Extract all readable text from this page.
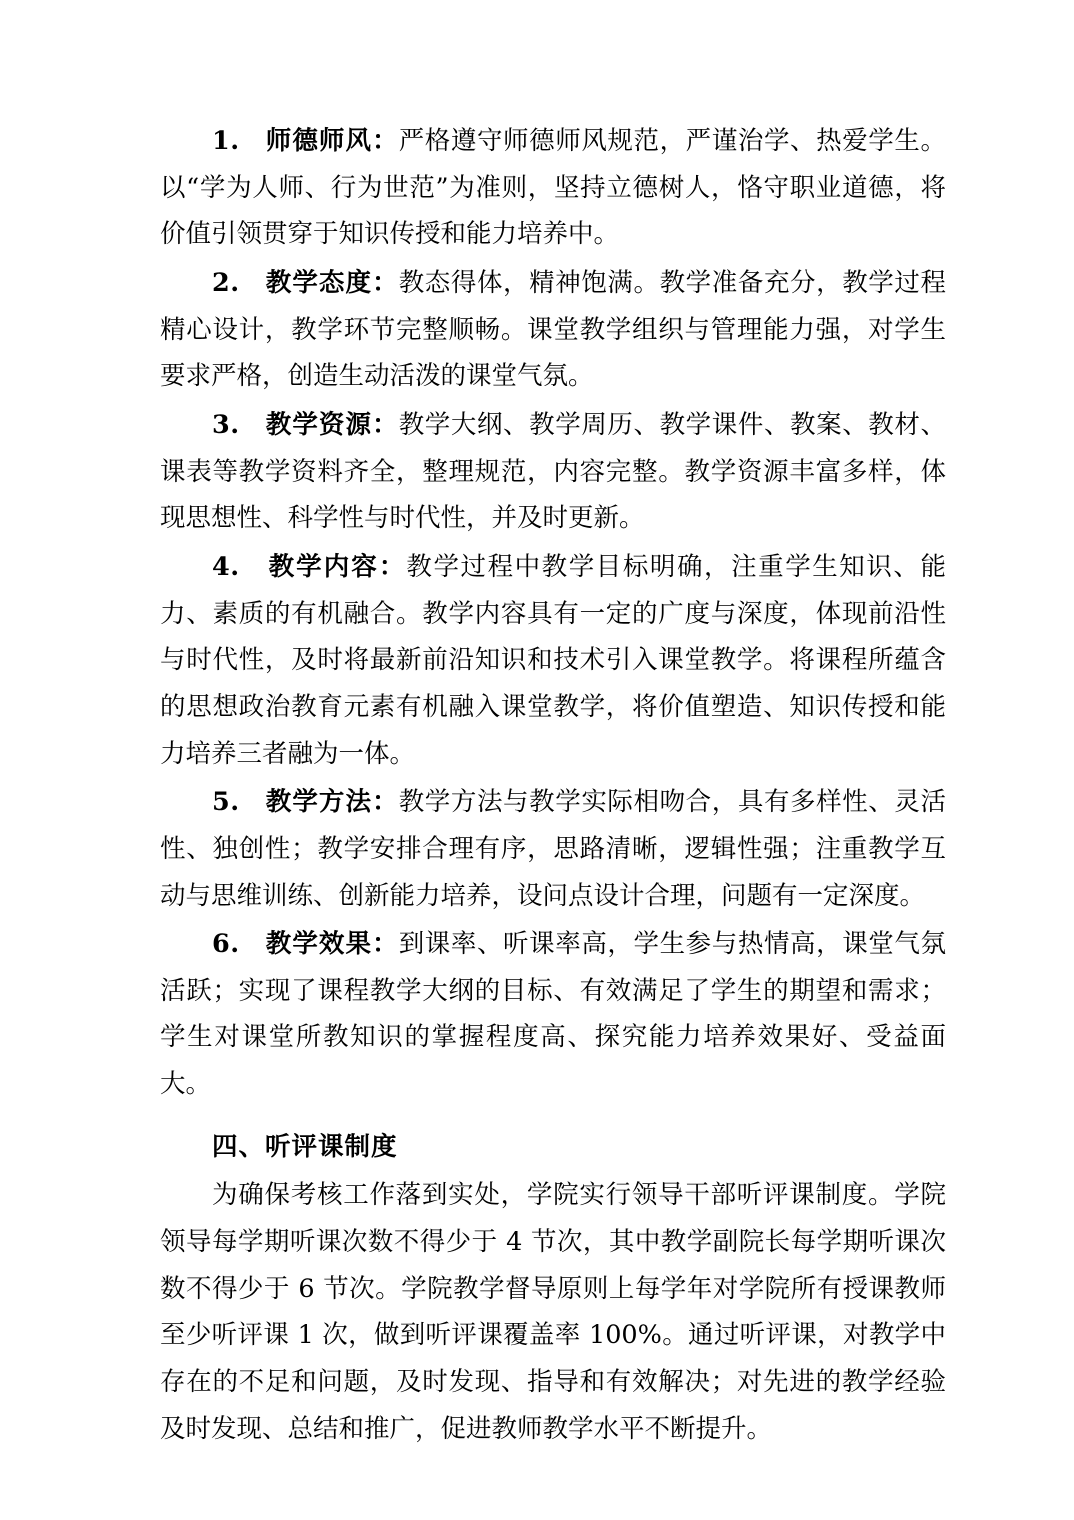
1. 师德师风：严格遵守师德师风规范，严谨治学、热爱学生。以“学为人师、行为世范”为准则，坚持立德树人，恪守职业道德，将价值引领贯穿于知识传授和能力培养中。

2. 教学态度：教态得体，精神饱满。教学准备充分，教学过程精心设计，教学环节完整顺畅。课堂教学组织与管理能力强，对学生要求严格，创造生动活泼的课堂气氛。

3. 教学资源：教学大纲、教学周历、教学课件、教案、教材、课表等教学资料齐全，整理规范，内容完整。教学资源丰富多样，体现思想性、科学性与时代性，并及时更新。

4. 教学内容：教学过程中教学目标明确，注重学生知识、能力、素质的有机融合。教学内容具有一定的广度与深度，体现前沿性与时代性，及时将最新前沿知识和技术引入课堂教学。将课程所蕴含的思想政治教育元素有机融入课堂教学，将价值塑造、知识传授和能力培养三者融为一体。

5. 教学方法：教学方法与教学实际相吻合，具有多样性、灵活性、独创性；教学安排合理有序，思路清晰，逻辑性强；注重教学互动与思维训练、创新能力培养，设问点设计合理，问题有一定深度。

6. 教学效果：到课率、听课率高，学生参与热情高，课堂气氛活跃；实现了课程教学大纲的目标、有效满足了学生的期望和需求；学生对课堂所教知识的掌握程度高、探究能力培养效果好、受益面大。

四、听评课制度

为确保考核工作落到实处，学院实行领导干部听评课制度。学院领导每学期听课次数不得少于 4 节次，其中教学副院长每学期听课次数不得少于 6 节次。学院教学督导原则上每学年对学院所有授课教师至少听评课 1 次，做到听评课覆盖率 100%。通过听评课，对教学中存在的不足和问题，及时发现、指导和有效解决；对先进的教学经验及时发现、总结和推广，促进教师教学水平不断提升。
